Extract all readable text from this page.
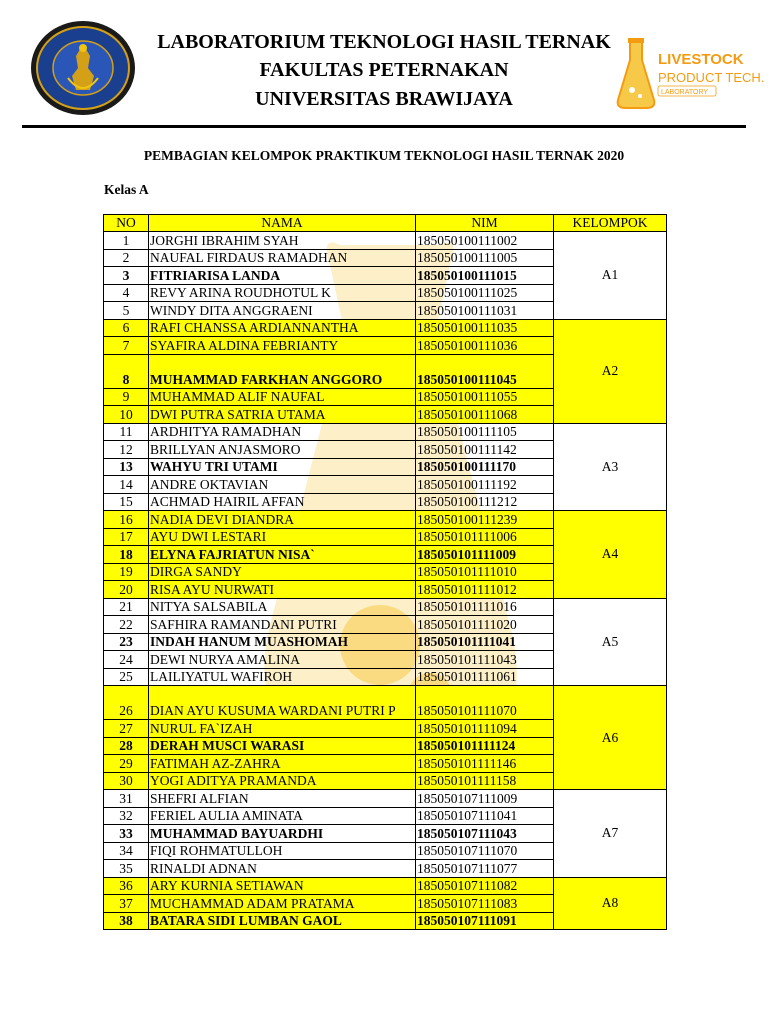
LIVESTOCK
PRODUCT TECH.
LABORATORY
LABORATORIUM TEKNOLOGI HASIL TERNAK
FAKULTAS PETERNAKAN
UNIVERSITAS BRAWIJAYA
PEMBAGIAN KELOMPOK PRAKTIKUM TEKNOLOGI HASIL TERNAK 2020
Kelas A
NO	NAMA	NIM	KELOMPOK
1	JORGHI IBRAHIM SYAH	185050100111002	A1
2	NAUFAL FIRDAUS RAMADHAN	185050100111005	
3	FITRIARISA LANDA	185050100111015	
4	REVY ARINA ROUDHOTUL K	185050100111025	
5	WINDY DITA ANGGRAENI	185050100111031	
6	RAFI CHANSSA ARDIANNANTHA	185050100111035	A2
7	SYAFIRA ALDINA FEBRIANTY	185050100111036	
8	MUHAMMAD FARKHAN ANGGORO	185050100111045	
9	MUHAMMAD ALIF NAUFAL	185050100111055	
10	DWI PUTRA SATRIA UTAMA	185050100111068	
11	ARDHITYA RAMADHAN	185050100111105	A3
12	BRILLYAN ANJASMORO	185050100111142	
13	WAHYU TRI UTAMI	185050100111170	
14	ANDRE OKTAVIAN	185050100111192	
15	ACHMAD HAIRIL AFFAN	185050100111212	
16	NADIA DEVI DIANDRA	185050100111239	A4
17	AYU DWI LESTARI	185050101111006	
18	ELYNA FAJRIATUN NISA`	185050101111009	
19	DIRGA SANDY	185050101111010	
20	RISA AYU NURWATI	185050101111012	
21	NITYA SALSABILA	185050101111016	A5
22	SAFHIRA RAMANDANI PUTRI	185050101111020	
23	INDAH HANUM MUASHOMAH	185050101111041	
24	DEWI NURYA AMALINA	185050101111043	
25	LAILIYATUL WAFIROH	185050101111061	
26	DIAN AYU KUSUMA WARDANI PUTRI P	185050101111070	A6
27	NURUL FA`IZAH	185050101111094	
28	DERAH MUSCI WARASI	185050101111124	
29	FATIMAH AZ-ZAHRA	185050101111146	
30	YOGI ADITYA PRAMANDA	185050101111158	
31	SHEFRI ALFIAN	185050107111009	A7
32	FERIEL AULIA AMINATA	185050107111041	
33	MUHAMMAD BAYUARDHI	185050107111043	
34	FIQI ROHMATULLOH	185050107111070	
35	RINALDI ADNAN	185050107111077	
36	ARY KURNIA SETIAWAN	185050107111082	A8
37	MUCHAMMAD ADAM PRATAMA	185050107111083	
38	BATARA SIDI LUMBAN GAOL	185050107111091	
